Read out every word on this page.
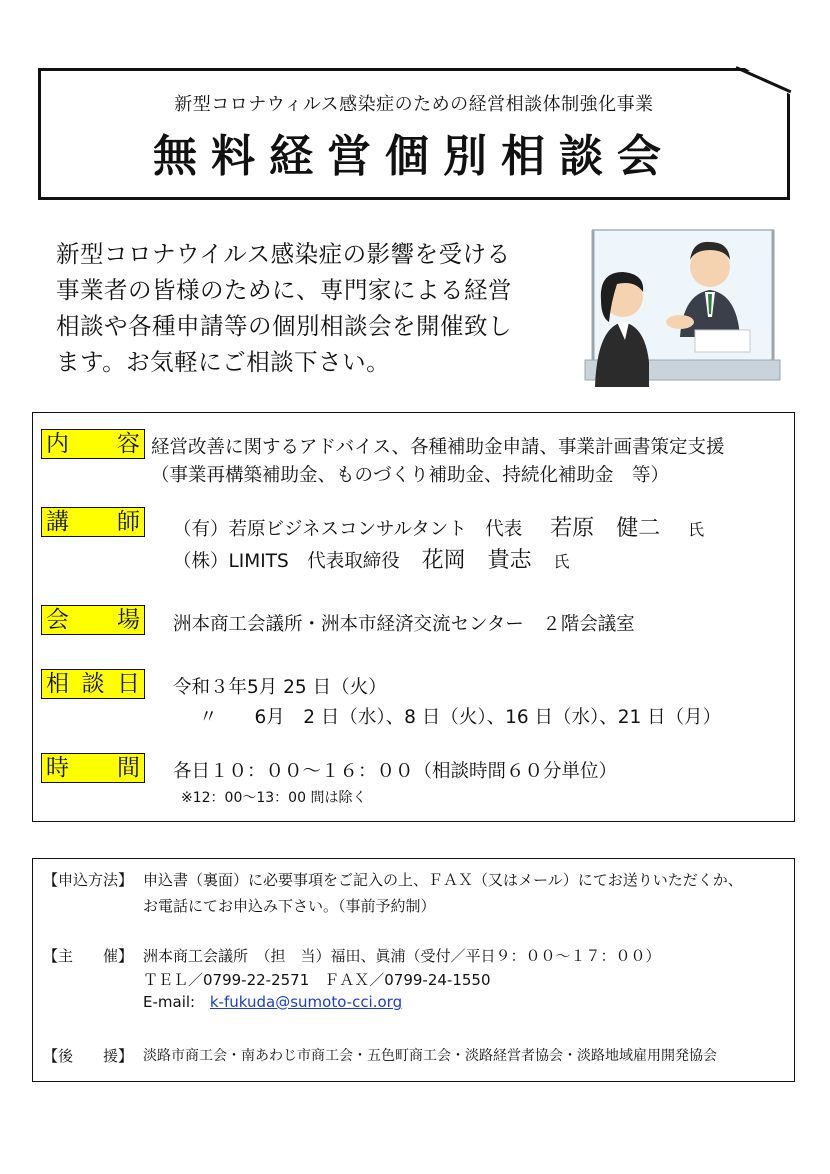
新型コロナウィルス感染症のための経営相談体制強化事業
無料経営個別相談会
新型コロナウイルス感染症の影響を受ける
事業者の皆様のために、専門家による経営
相談や各種申請等の個別相談会を開催致し
ます。お気軽にご相談下さい。
内 容 経営改善に関するアドバイス、各種補助金申請、事業計画書策定支援
（事業再構築補助金、ものづくり補助金、持続化補助金　等）
講 師 （有）若原ビジネスコンサルタント　代表 若原　健二 氏
（株）LIMITS　代表取締役 花岡　貴志 氏
会 場 洲本商工会議所・洲本市経済交流センター　２階会議室
相 談 日 令和３年5月 25 日（火）
〃　　6月　2 日（水）、8 日（火）、16 日（水）、21 日（月）
時 間 各日１０：００～１６：００（相談時間６０分単位）
※12：00～13：00 間は除く
【申込方法】 申込書（裏面）に必要事項をご記入の上、ＦＡＸ（又はメール）にてお送りいただくか、
お電話にてお申込み下さい。（事前予約制）
【主　　催】 洲本商工会議所　（担　当）福田、眞浦（受付／平日９：００～１７：００）
ＴＥＬ／0799-22-2571　ＦＡＸ／0799-24-1550
E-mail: k-fukuda@sumoto-cci.org
【後　　援】 淡路市商工会・南あわじ市商工会・五色町商工会・淡路経営者協会・淡路地域雇用開発協会
